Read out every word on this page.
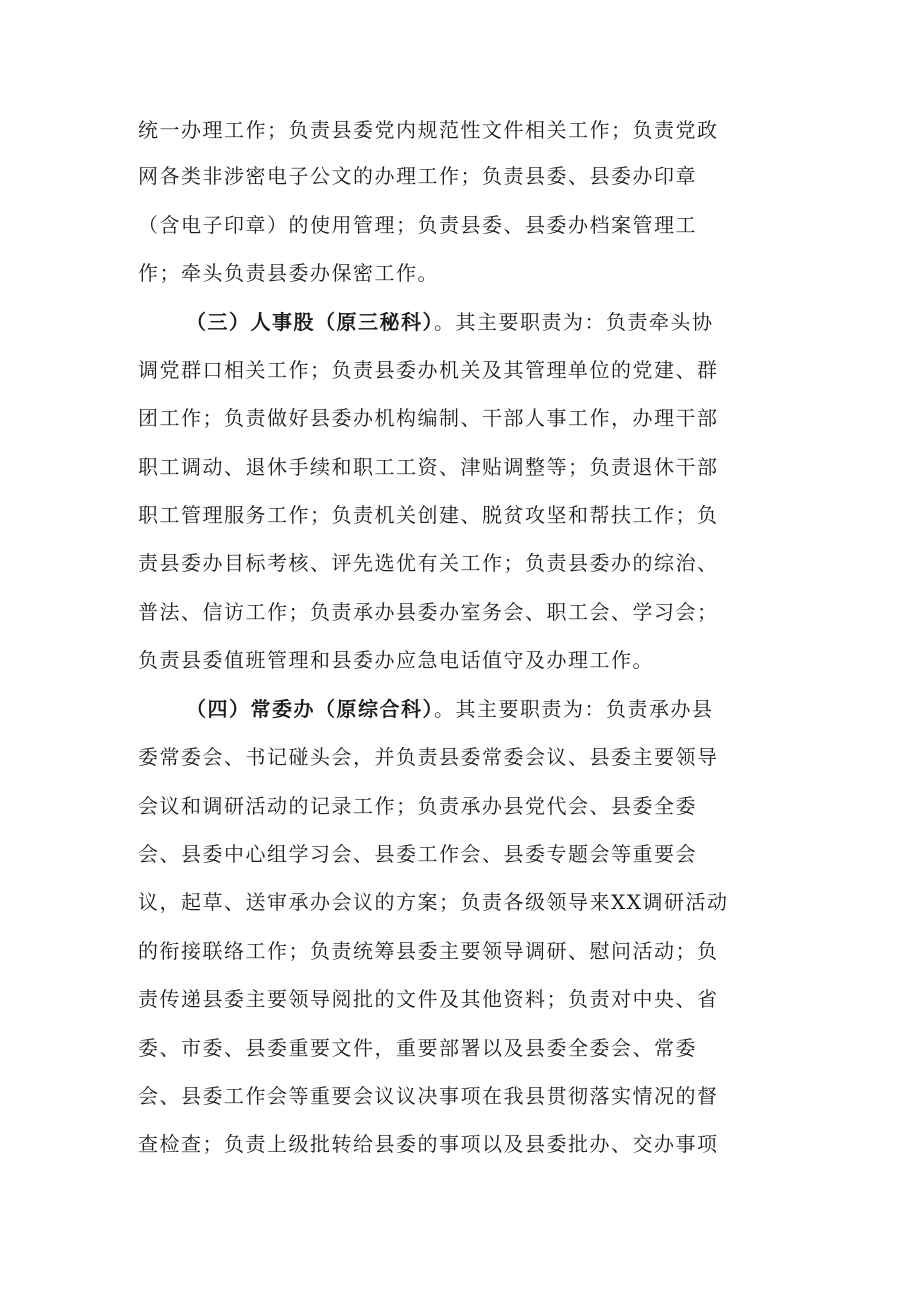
统一办理工作；负责县委党内规范性文件相关工作；负责党政
网各类非涉密电子公文的办理工作；负责县委、县委办印章
（含电子印章）的使用管理；负责县委、县委办档案管理工
作；牵头负责县委办保密工作。
（三）人事股（原三秘科）。其主要职责为：负责牵头协
调党群口相关工作；负责县委办机关及其管理单位的党建、群
团工作；负责做好县委办机构编制、干部人事工作，办理干部
职工调动、退休手续和职工工资、津贴调整等；负责退休干部
职工管理服务工作；负责机关创建、脱贫攻坚和帮扶工作；负
责县委办目标考核、评先选优有关工作；负责县委办的综治、
普法、信访工作；负责承办县委办室务会、职工会、学习会；
负责县委值班管理和县委办应急电话值守及办理工作。
（四）常委办（原综合科）。其主要职责为：负责承办县
委常委会、书记碰头会，并负责县委常委会议、县委主要领导
会议和调研活动的记录工作；负责承办县党代会、县委全委
会、县委中心组学习会、县委工作会、县委专题会等重要会
议，起草、送审承办会议的方案；负责各级领导来XX调研活动
的衔接联络工作；负责统筹县委主要领导调研、慰问活动；负
责传递县委主要领导阅批的文件及其他资料；负责对中央、省
委、市委、县委重要文件，重要部署以及县委全委会、常委
会、县委工作会等重要会议议决事项在我县贯彻落实情况的督
查检查；负责上级批转给县委的事项以及县委批办、交办事项
